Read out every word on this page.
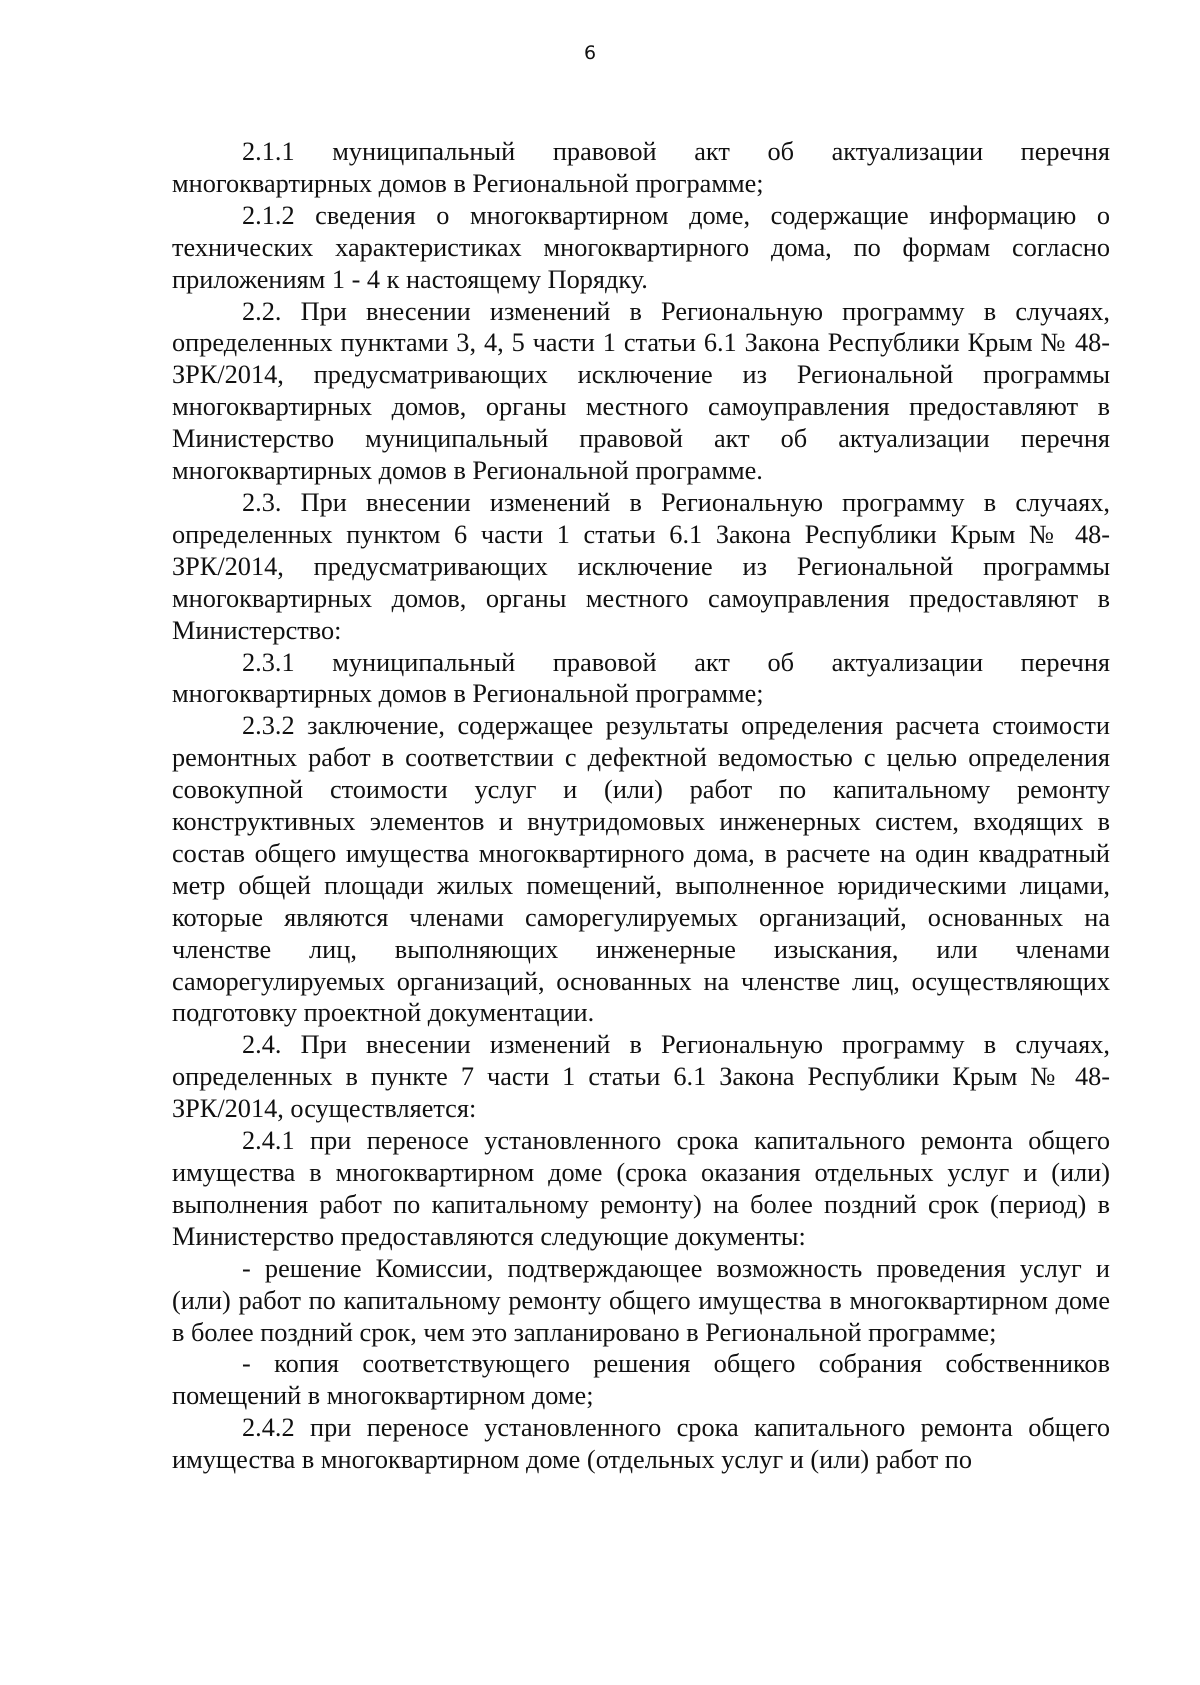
6

2.1.1 муниципальный правовой акт об актуализации перечня многоквартирных домов в Региональной программе;

2.1.2 сведения о многоквартирном доме, содержащие информацию о технических характеристиках многоквартирного дома, по формам согласно приложениям 1 - 4 к настоящему Порядку.

2.2. При внесении изменений в Региональную программу в случаях, определенных пунктами 3, 4, 5 части 1 статьи 6.1 Закона Республики Крым № 48-ЗРК/2014, предусматривающих исключение из Региональной программы многоквартирных домов, органы местного самоуправления предоставляют в Министерство муниципальный правовой акт об актуализации перечня многоквартирных домов в Региональной программе.

2.3. При внесении изменений в Региональную программу в случаях, определенных пунктом 6 части 1 статьи 6.1 Закона Республики Крым № 48-ЗРК/2014, предусматривающих исключение из Региональной программы многоквартирных домов, органы местного самоуправления предоставляют в Министерство:

2.3.1 муниципальный правовой акт об актуализации перечня многоквартирных домов в Региональной программе;

2.3.2 заключение, содержащее результаты определения расчета стоимости ремонтных работ в соответствии с дефектной ведомостью с целью определения совокупной стоимости услуг и (или) работ по капитальному ремонту конструктивных элементов и внутридомовых инженерных систем, входящих в состав общего имущества многоквартирного дома, в расчете на один квадратный метр общей площади жилых помещений, выполненное юридическими лицами, которые являются членами саморегулируемых организаций, основанных на членстве лиц, выполняющих инженерные изыскания, или членами саморегулируемых организаций, основанных на членстве лиц, осуществляющих подготовку проектной документации.

2.4. При внесении изменений в Региональную программу в случаях, определенных в пункте 7 части 1 статьи 6.1 Закона Республики Крым № 48-ЗРК/2014, осуществляется:

2.4.1 при переносе установленного срока капитального ремонта общего имущества в многоквартирном доме (срока оказания отдельных услуг и (или) выполнения работ по капитальному ремонту) на более поздний срок (период) в Министерство предоставляются следующие документы:

- решение Комиссии, подтверждающее возможность проведения услуг и (или) работ по капитальному ремонту общего имущества в многоквартирном доме в более поздний срок, чем это запланировано в Региональной программе;

- копия соответствующего решения общего собрания собственников помещений в многоквартирном доме;

2.4.2 при переносе установленного срока капитального ремонта общего имущества в многоквартирном доме (отдельных услуг и (или) работ по
